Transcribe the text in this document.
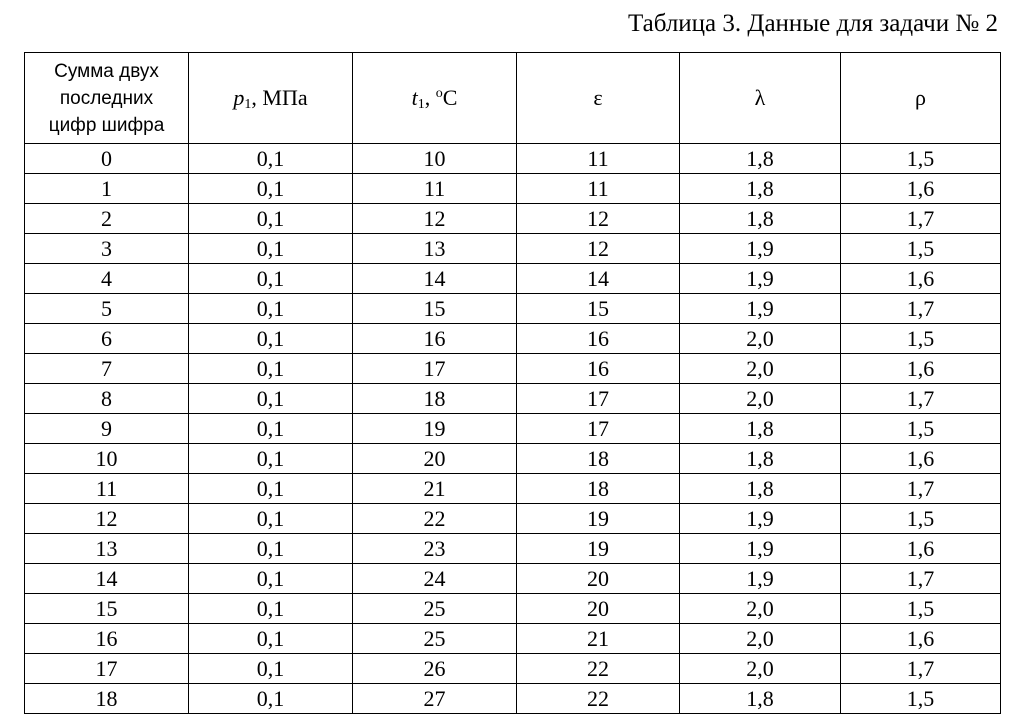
Таблица 3. Данные для задачи № 2
Сумма двух
последних
цифр шифра	$p_1$, МПа	$t_1$, $^о$С	ε	λ	ρ
0	0,1	10	11	1,8	1,5
1	0,1	11	11	1,8	1,6
2	0,1	12	12	1,8	1,7
3	0,1	13	12	1,9	1,5
4	0,1	14	14	1,9	1,6
5	0,1	15	15	1,9	1,7
6	0,1	16	16	2,0	1,5
7	0,1	17	16	2,0	1,6
8	0,1	18	17	2,0	1,7
9	0,1	19	17	1,8	1,5
10	0,1	20	18	1,8	1,6
11	0,1	21	18	1,8	1,7
12	0,1	22	19	1,9	1,5
13	0,1	23	19	1,9	1,6
14	0,1	24	20	1,9	1,7
15	0,1	25	20	2,0	1,5
16	0,1	25	21	2,0	1,6
17	0,1	26	22	2,0	1,7
18	0,1	27	22	1,8	1,5
